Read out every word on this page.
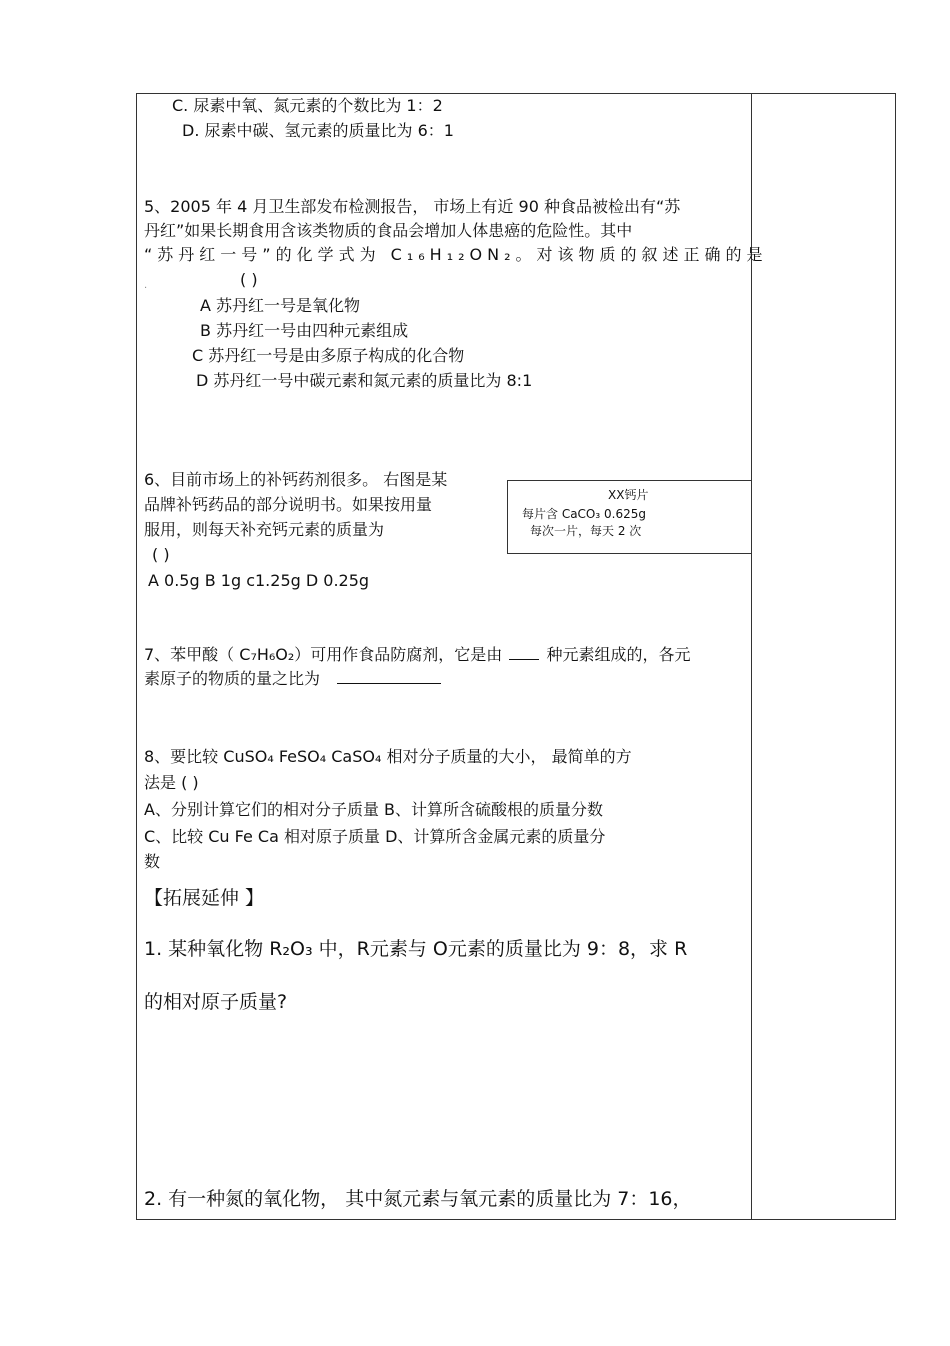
C. 尿素中氧、氮元素的个数比为 1：2
D. 尿素中碳、氢元素的质量比为 6：1
5、2005 年 4 月卫生部发布检测报告， 市场上有近 90 种食品被检出有“苏
丹红”如果长期食用含该类物质的食品会增加人体患癌的危险性。其中
“苏丹红一号”的化学式为 C₁₆H₁₂ON₂。对该物质的叙述正确的是
( )
.
A 苏丹红一号是氧化物
B 苏丹红一号由四种元素组成
C 苏丹红一号是由多原子构成的化合物
D 苏丹红一号中碳元素和氮元素的质量比为 8:1
6、目前市场上的补钙药剂很多。 右图是某
品牌补钙药品的部分说明书。如果按用量
服用，则每天补充钙元素的质量为
( )
A 0.5g B 1g c1.25g D 0.25g
XX钙片
每片含 CaCO₃ 0.625g
每次一片，每天 2 次
7、苯甲酸（ C₇H₆O₂）可用作食品防腐剂，它是由	种元素组成的，各元
素原子的物质的量之比为
8、要比较 CuSO₄ FeSO₄ CaSO₄ 相对分子质量的大小， 最简单的方
法是 ( )
A、分别计算它们的相对分子质量 B、计算所含硫酸根的质量分数
C、比较 Cu Fe Ca 相对原子质量 D、计算所含金属元素的质量分
数
【拓展延伸 】
1. 某种氧化物 R₂O₃ 中，R元素与 O元素的质量比为 9：8，求 R
的相对原子质量?
2. 有一种氮的氧化物， 其中氮元素与氧元素的质量比为 7：16，
